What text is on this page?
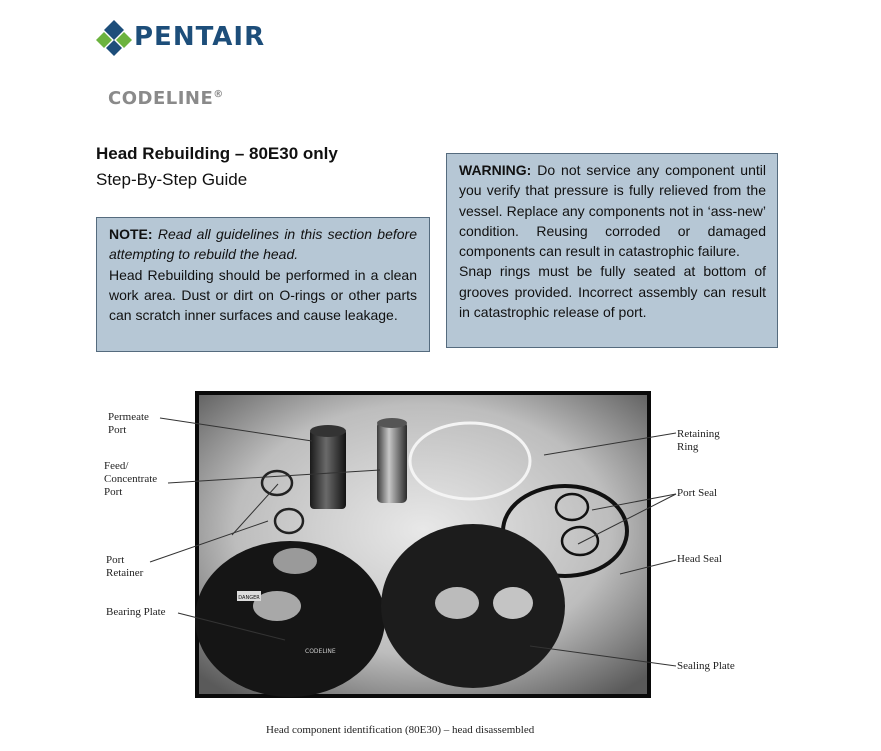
PENTAIR
CODELINE®
Head Rebuilding – 80E30 only
Step-By-Step Guide

NOTE: Read all guidelines in this section before attempting to rebuild the head.

Head Rebuilding should be performed in a clean work area. Dust or dirt on O-rings or other parts can scratch inner surfaces and cause leakage.

WARNING: Do not service any component until you verify that pressure is fully relieved from the vessel. Replace any components not in ‘ass-new’ condition. Reusing corroded or damaged components can result in catastrophic failure.

Snap rings must be fully seated at bottom of grooves provided. Incorrect assembly can result in catastrophic release of port.

DANGER
CODELINE
Permeate
Port
Feed/
Concentrate
Port
Port
Retainer
Bearing Plate
Retaining
Ring
Port Seal
Head Seal
Sealing Plate
Head component identification (80E30) – head disassembled
